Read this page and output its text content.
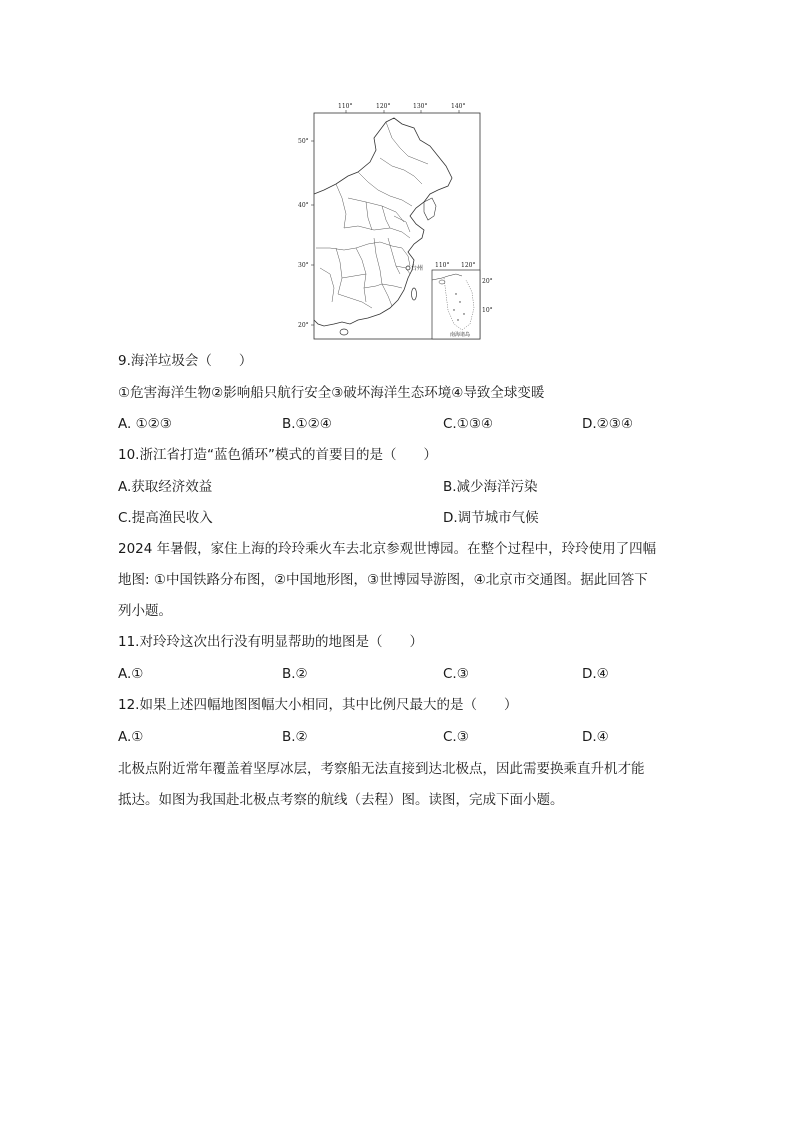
110°	120°	130°	140°
50°
40°
30°
20°
台州 110° 120°
20°
10°
南海诸岛
9.海洋垃圾会（　　）
①危害海洋生物②影响船只航行安全③破坏海洋生态环境④导致全球变暖
A. ①②③	B.①②④	C.①③④	D.②③④
10.浙江省打造“蓝色循环”模式的首要目的是（　　）
A.获取经济效益	B.减少海洋污染
C.提高渔民收入	D.调节城市气候
2024 年暑假，家住上海的玲玲乘火车去北京参观世博园。在整个过程中，玲玲使用了四幅
地图: ①中国铁路分布图，②中国地形图，③世博园导游图，④北京市交通图。据此回答下
列小题。
11.对玲玲这次出行没有明显帮助的地图是（　　）
A.①	B.②	C.③	D.④
12.如果上述四幅地图图幅大小相同，其中比例尺最大的是（　　）
A.①	B.②	C.③	D.④
北极点附近常年覆盖着坚厚冰层，考察船无法直接到达北极点，因此需要换乘直升机才能
抵达。如图为我国赴北极点考察的航线（去程）图。读图，完成下面小题。
